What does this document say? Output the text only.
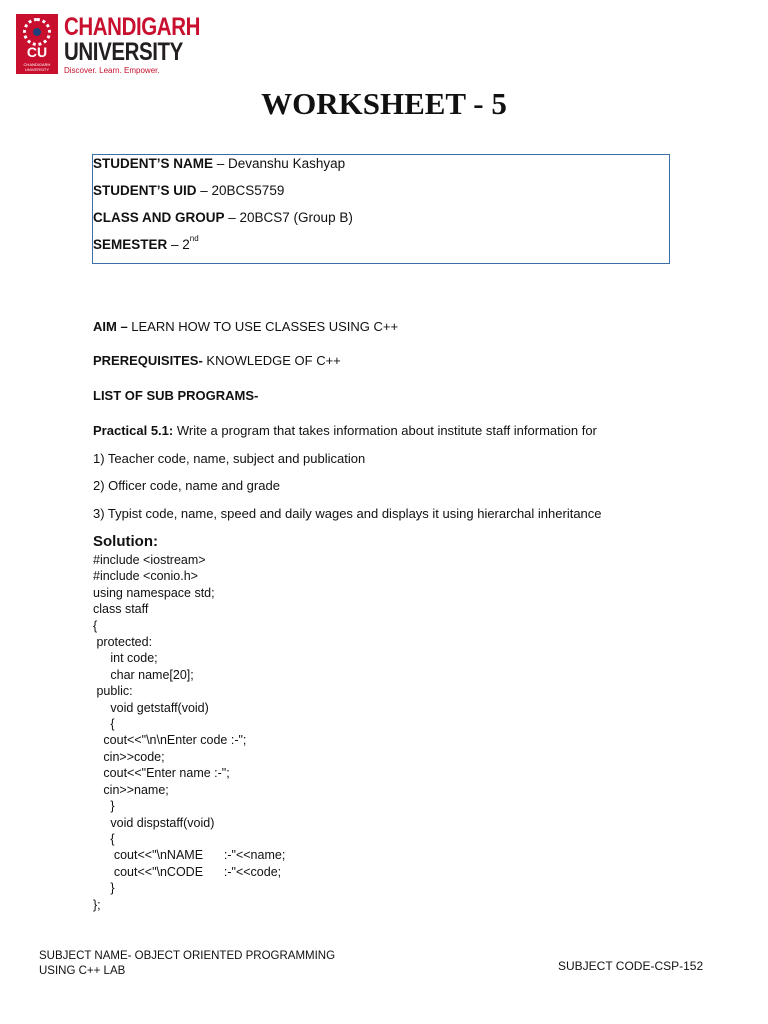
CU
CHANDIGARH UNIVERSITY
CHANDIGARH
UNIVERSITY
Discover. Learn. Empower.
WORKSHEET - 5
STUDENT’S NAME – Devanshu Kashyap
STUDENT’S UID – 20BCS5759
CLASS AND GROUP – 20BCS7 (Group B)
SEMESTER – 2nd
AIM – LEARN HOW TO USE CLASSES USING C++
PREREQUISITES- KNOWLEDGE OF C++
LIST OF SUB PROGRAMS-
Practical 5.1: Write a program that takes information about institute staff information for
1) Teacher code, name, subject and publication
2) Officer code, name and grade
3) Typist code, name, speed and daily wages and displays it using hierarchal inheritance
Solution:
#include <iostream>
#include <conio.h>
using namespace std;
class staff
{
protected:
int code;
char name[20];
public:
void getstaff(void)
{
cout<<"\n\nEnter code :-";
cin>>code;
cout<<"Enter name :-";
cin>>name;
}
void dispstaff(void)
{
cout<<"\nNAME      :-"<<name;
cout<<"\nCODE      :-"<<code;
}
};
SUBJECT NAME- OBJECT ORIENTED PROGRAMMING
USING C++ LAB	SUBJECT CODE-CSP-152
